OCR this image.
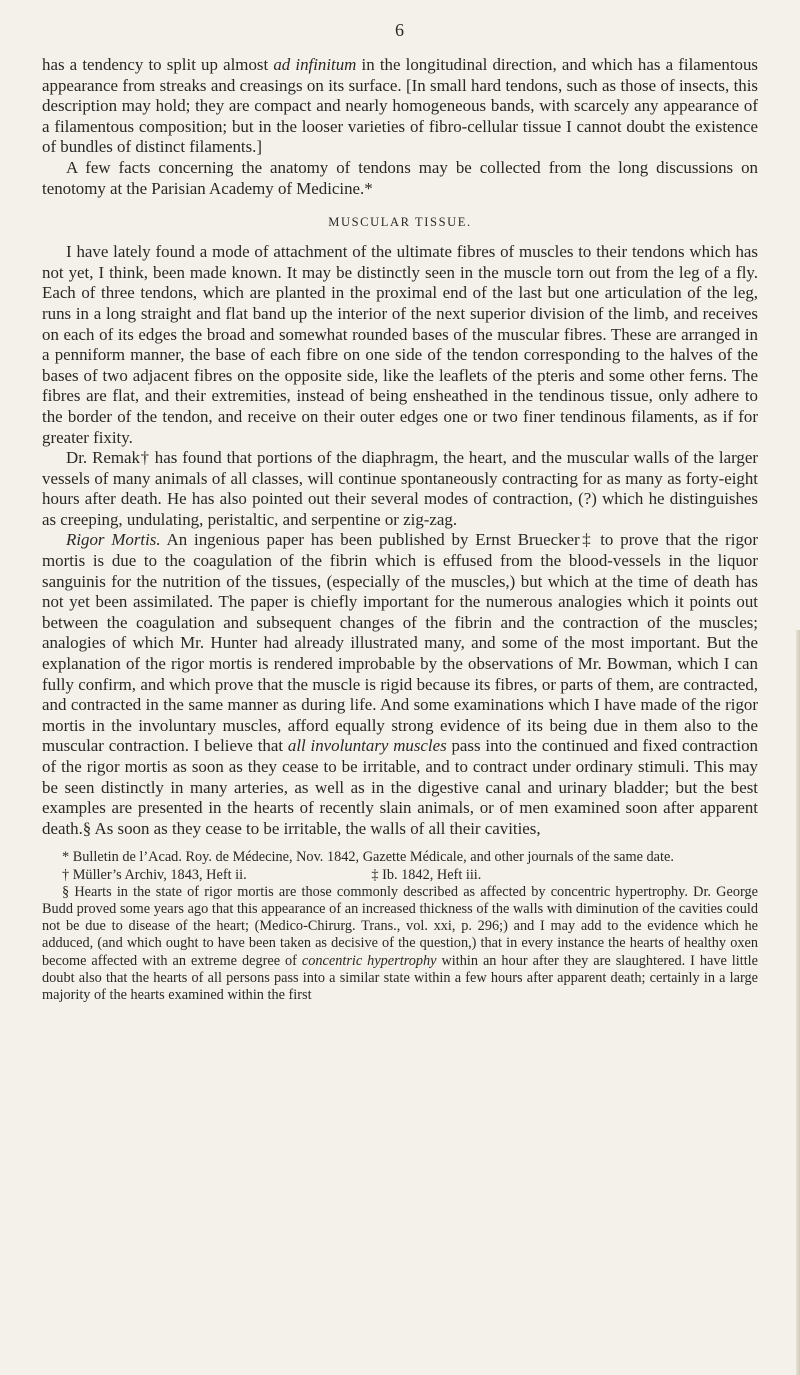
6

has a tendency to split up almost ad infinitum in the longitudinal direction, and which has a filamentous appearance from streaks and creasings on its surface. [In small hard tendons, such as those of insects, this description may hold; they are compact and nearly homogeneous bands, with scarcely any appearance of a filamentous composition; but in the looser varieties of fibro-cellular tissue I cannot doubt the existence of bundles of distinct filaments.]

A few facts concerning the anatomy of tendons may be collected from the long discussions on tenotomy at the Parisian Academy of Medicine.*

MUSCULAR TISSUE.

I have lately found a mode of attachment of the ultimate fibres of muscles to their tendons which has not yet, I think, been made known. It may be distinctly seen in the muscle torn out from the leg of a fly. Each of three tendons, which are planted in the proximal end of the last but one articulation of the leg, runs in a long straight and flat band up the interior of the next superior division of the limb, and receives on each of its edges the broad and somewhat rounded bases of the muscular fibres. These are arranged in a penniform manner, the base of each fibre on one side of the tendon corresponding to the halves of the bases of two adjacent fibres on the opposite side, like the leaflets of the pteris and some other ferns. The fibres are flat, and their extremities, instead of being ensheathed in the tendinous tissue, only adhere to the border of the tendon, and receive on their outer edges one or two finer tendinous filaments, as if for greater fixity.

Dr. Remak† has found that portions of the diaphragm, the heart, and the muscular walls of the larger vessels of many animals of all classes, will continue spontaneously contracting for as many as forty-eight hours after death. He has also pointed out their several modes of contraction, (?) which he distinguishes as creeping, undulating, peristaltic, and serpentine or zig-zag.

Rigor Mortis. An ingenious paper has been published by Ernst Bruecker‡ to prove that the rigor mortis is due to the coagulation of the fibrin which is effused from the blood-vessels in the liquor sanguinis for the nutrition of the tissues, (especially of the muscles,) but which at the time of death has not yet been assimilated. The paper is chiefly important for the numerous analogies which it points out between the coagulation and subsequent changes of the fibrin and the contraction of the muscles; analogies of which Mr. Hunter had already illustrated many, and some of the most important. But the explanation of the rigor mortis is rendered improbable by the observations of Mr. Bowman, which I can fully confirm, and which prove that the muscle is rigid because its fibres, or parts of them, are contracted, and contracted in the same manner as during life. And some examinations which I have made of the rigor mortis in the involuntary muscles, afford equally strong evidence of its being due in them also to the muscular contraction. I believe that all involuntary muscles pass into the continued and fixed contraction of the rigor mortis as soon as they cease to be irritable, and to contract under ordinary stimuli. This may be seen distinctly in many arteries, as well as in the digestive canal and urinary bladder; but the best examples are presented in the hearts of recently slain animals, or of men examined soon after apparent death.§ As soon as they cease to be irritable, the walls of all their cavities,

* Bulletin de l’Acad. Roy. de Médecine, Nov. 1842, Gazette Médicale, and other journals of the same date.

† Müller’s Archiv, 1843, Heft ii.	‡ Ib. 1842, Heft iii.

§ Hearts in the state of rigor mortis are those commonly described as affected by concentric hypertrophy. Dr. George Budd proved some years ago that this appearance of an increased thickness of the walls with diminution of the cavities could not be due to disease of the heart; (Medico-Chirurg. Trans., vol. xxi, p. 296;) and I may add to the evidence which he adduced, (and which ought to have been taken as decisive of the question,) that in every instance the hearts of healthy oxen become affected with an extreme degree of concentric hypertrophy within an hour after they are slaughtered. I have little doubt also that the hearts of all persons pass into a similar state within a few hours after apparent death; certainly in a large majority of the hearts examined within the first
